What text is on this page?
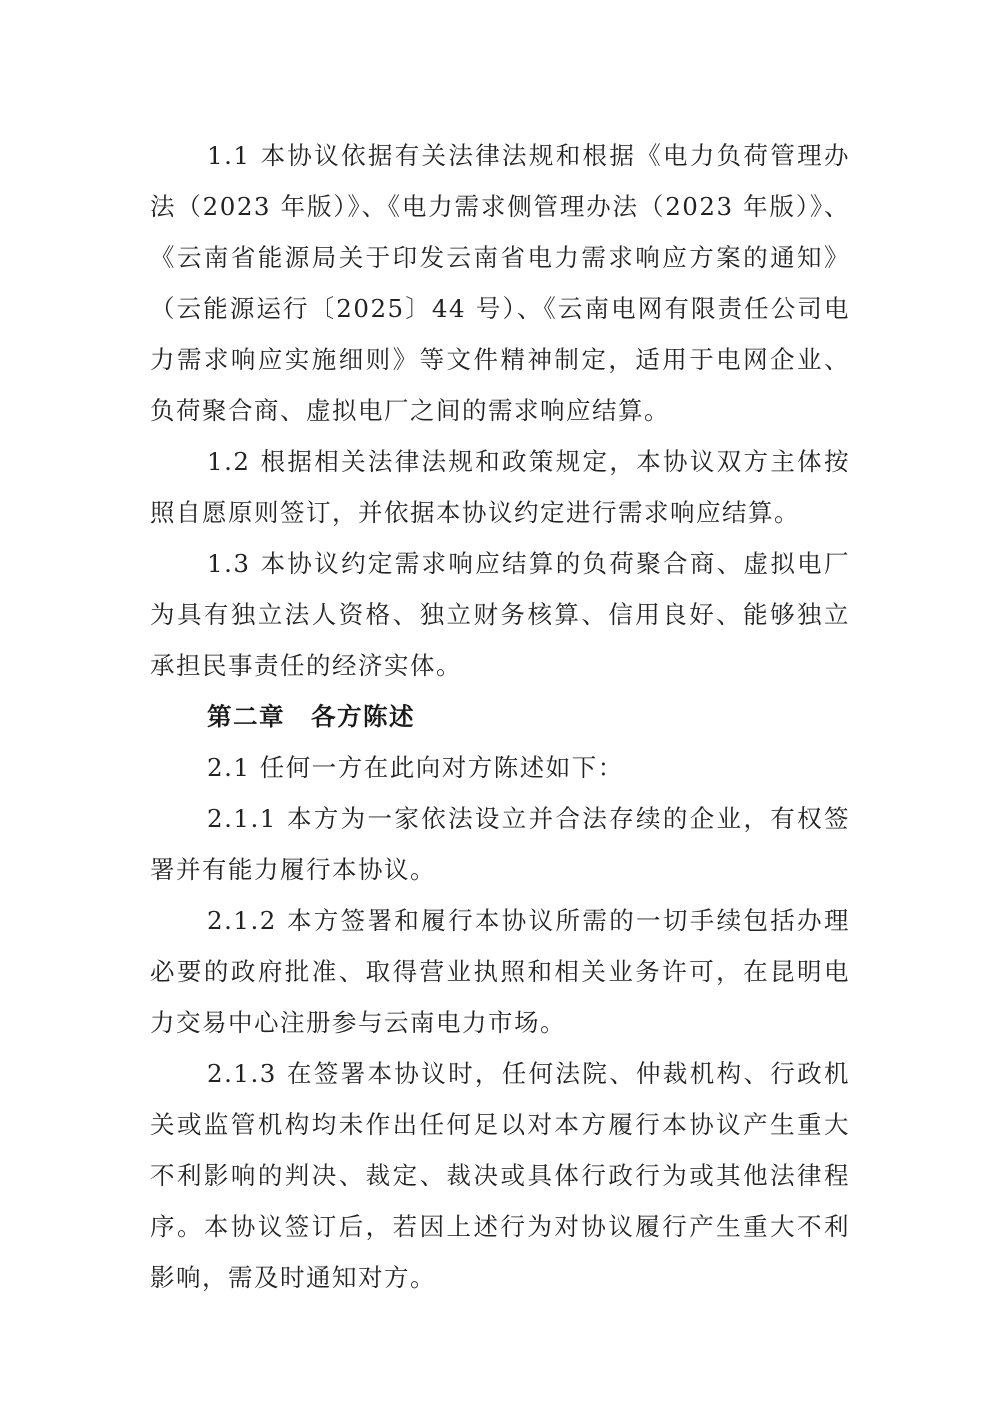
1.1 本协议依据有关法律法规和根据《电力负荷管理办法（2023 年版）》、《电力需求侧管理办法（2023 年版）》、《云南省能源局关于印发云南省电力需求响应方案的通知》（云能源运行〔2025〕44 号）、《云南电网有限责任公司电力需求响应实施细则》等文件精神制定，适用于电网企业、负荷聚合商、虚拟电厂之间的需求响应结算。

1.2 根据相关法律法规和政策规定，本协议双方主体按照自愿原则签订，并依据本协议约定进行需求响应结算。

1.3 本协议约定需求响应结算的负荷聚合商、虚拟电厂为具有独立法人资格、独立财务核算、信用良好、能够独立承担民事责任的经济实体。

第二章　各方陈述

2.1 任何一方在此向对方陈述如下：

2.1.1 本方为一家依法设立并合法存续的企业，有权签署并有能力履行本协议。

2.1.2 本方签署和履行本协议所需的一切手续包括办理必要的政府批准、取得营业执照和相关业务许可，在昆明电力交易中心注册参与云南电力市场。

2.1.3 在签署本协议时，任何法院、仲裁机构、行政机关或监管机构均未作出任何足以对本方履行本协议产生重大不利影响的判决、裁定、裁决或具体行政行为或其他法律程序。本协议签订后，若因上述行为对协议履行产生重大不利影响，需及时通知对方。
